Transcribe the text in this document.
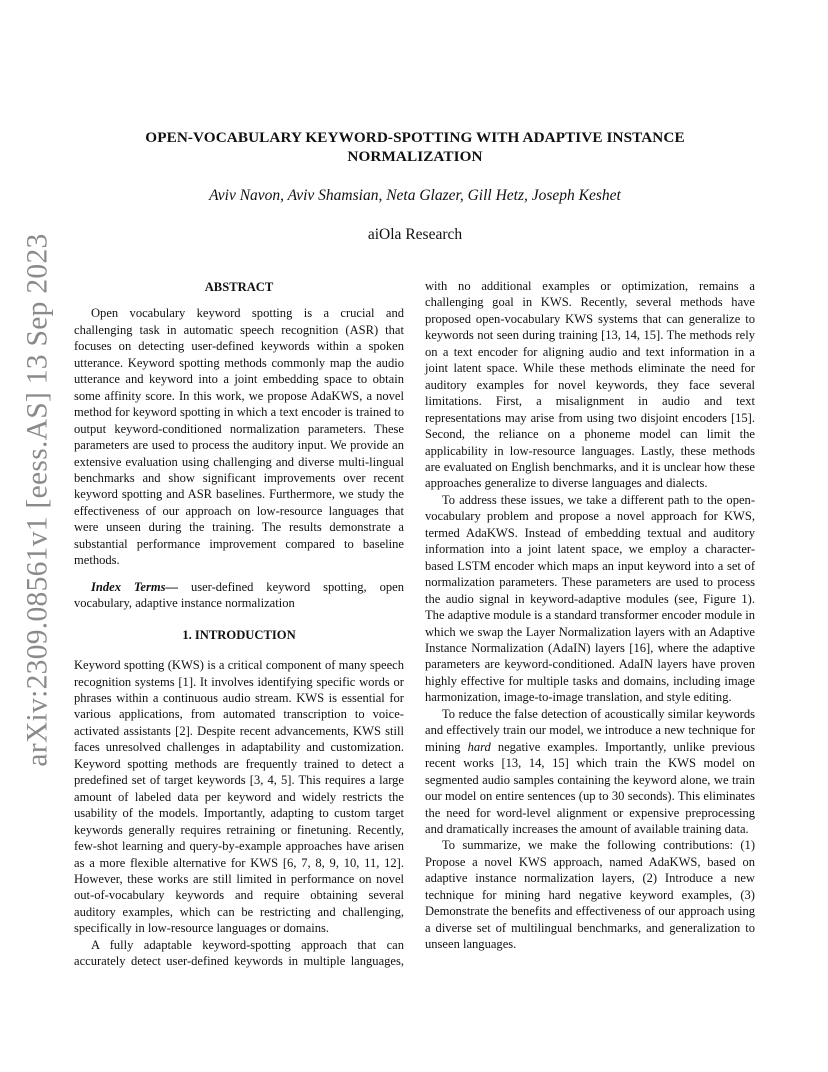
arXiv:2309.08561v1 [eess.AS] 13 Sep 2023
OPEN-VOCABULARY KEYWORD-SPOTTING WITH ADAPTIVE INSTANCE
NORMALIZATION
Aviv Navon, Aviv Shamsian, Neta Glazer, Gill Hetz, Joseph Keshet
aiOla Research
ABSTRACT

Open vocabulary keyword spotting is a crucial and challenging task in automatic speech recognition (ASR) that focuses on detecting user-defined keywords within a spoken utterance. Keyword spotting methods commonly map the audio utterance and keyword into a joint embedding space to obtain some affinity score. In this work, we propose AdaKWS, a novel method for keyword spotting in which a text encoder is trained to output keyword-conditioned normalization parameters. These parameters are used to process the auditory input. We provide an extensive evaluation using challenging and diverse multi-lingual benchmarks and show significant improvements over recent keyword spotting and ASR baselines. Furthermore, we study the effectiveness of our approach on low-resource languages that were unseen during the training. The results demonstrate a substantial performance improvement compared to baseline methods.

Index Terms— user-defined keyword spotting, open vocabulary, adaptive instance normalization

1. INTRODUCTION

Keyword spotting (KWS) is a critical component of many speech recognition systems [1]. It involves identifying specific words or phrases within a continuous audio stream. KWS is essential for various applications, from automated transcription to voice-activated assistants [2]. Despite recent advancements, KWS still faces unresolved challenges in adaptability and customization. Keyword spotting methods are frequently trained to detect a predefined set of target keywords [3, 4, 5]. This requires a large amount of labeled data per keyword and widely restricts the usability of the models. Importantly, adapting to custom target keywords generally requires retraining or finetuning. Recently, few-shot learning and query-by-example approaches have arisen as a more flexible alternative for KWS [6, 7, 8, 9, 10, 11, 12]. However, these works are still limited in performance on novel out-of-vocabulary keywords and require obtaining several auditory examples, which can be restricting and challenging, specifically in low-resource languages or domains.

A fully adaptable keyword-spotting approach that can accurately detect user-defined keywords in multiple languages,

with no additional examples or optimization, remains a challenging goal in KWS. Recently, several methods have proposed open-vocabulary KWS systems that can generalize to keywords not seen during training [13, 14, 15]. The methods rely on a text encoder for aligning audio and text information in a joint latent space. While these methods eliminate the need for auditory examples for novel keywords, they face several limitations. First, a misalignment in audio and text representations may arise from using two disjoint encoders [15]. Second, the reliance on a phoneme model can limit the applicability in low-resource languages. Lastly, these methods are evaluated on English benchmarks, and it is unclear how these approaches generalize to diverse languages and dialects.

To address these issues, we take a different path to the open-vocabulary problem and propose a novel approach for KWS, termed AdaKWS. Instead of embedding textual and auditory information into a joint latent space, we employ a character-based LSTM encoder which maps an input keyword into a set of normalization parameters. These parameters are used to process the audio signal in keyword-adaptive modules (see, Figure 1). The adaptive module is a standard transformer encoder module in which we swap the Layer Normalization layers with an Adaptive Instance Normalization (AdaIN) layers [16], where the adaptive parameters are keyword-conditioned. AdaIN layers have proven highly effective for multiple tasks and domains, including image harmonization, image-to-image translation, and style editing.

To reduce the false detection of acoustically similar keywords and effectively train our model, we introduce a new technique for mining hard negative examples. Importantly, unlike previous recent works [13, 14, 15] which train the KWS model on segmented audio samples containing the keyword alone, we train our model on entire sentences (up to 30 seconds). This eliminates the need for word-level alignment or expensive preprocessing and dramatically increases the amount of available training data.

To summarize, we make the following contributions: (1) Propose a novel KWS approach, named AdaKWS, based on adaptive instance normalization layers, (2) Introduce a new technique for mining hard negative keyword examples, (3) Demonstrate the benefits and effectiveness of our approach using a diverse set of multilingual benchmarks, and generalization to unseen languages.
